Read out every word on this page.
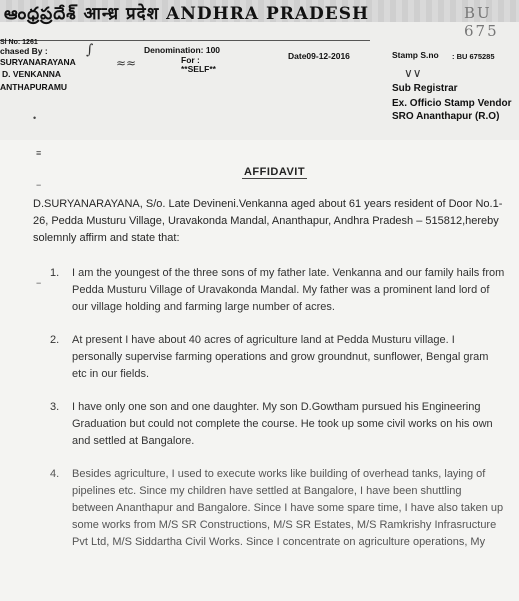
ఆంధ్రప్రదేశ్ आन्ध्र प्रदेश ANDHRA PRADESH	BU 675
Sl No: 1261
chased By :
SURYANARAYANA
D. VENKANNA
ANTHAPURAMU
Denomination: 100
For :
**SELF**
Date09-12-2016	Stamp S.no : BU 675285
Sub Registrar
Ex. Officio Stamp Vendor
SRO Ananthapur (R.O)
∫
≈≈
∨∨
•
≡
−
−
AFFIDAVIT
D.SURYANARAYANA, S/o. Late Devineni.Venkanna aged about 61 years resident of Door No.1-26, Pedda Musturu Village, Uravakonda Mandal, Ananthapur, Andhra Pradesh – 515812,hereby solemnly affirm and state that:
1. I am the youngest of the three sons of my father late. Venkanna and our family hails from Pedda Musturu Village of Uravakonda Mandal. My father was a prominent land lord of our village holding and farming large number of acres.
2. At present I have about 40 acres of agriculture land at Pedda Musturu village. I personally supervise farming operations and grow groundnut, sunflower, Bengal gram etc in our fields.
3. I have only one son and one daughter. My son D.Gowtham pursued his Engineering Graduation but could not complete the course. He took up some civil works on his own and settled at Bangalore.
4. Besides agriculture, I used to execute works like building of overhead tanks, laying of pipelines etc. Since my children have settled at Bangalore, I have been shuttling between Ananthapur and Bangalore. Since I have some spare time, I have also taken up some works from M/S SR Constructions, M/S SR Estates, M/S Ramkrishy Infrasructure Pvt Ltd, M/S Siddartha Civil Works. Since I concentrate on agriculture operations, My
